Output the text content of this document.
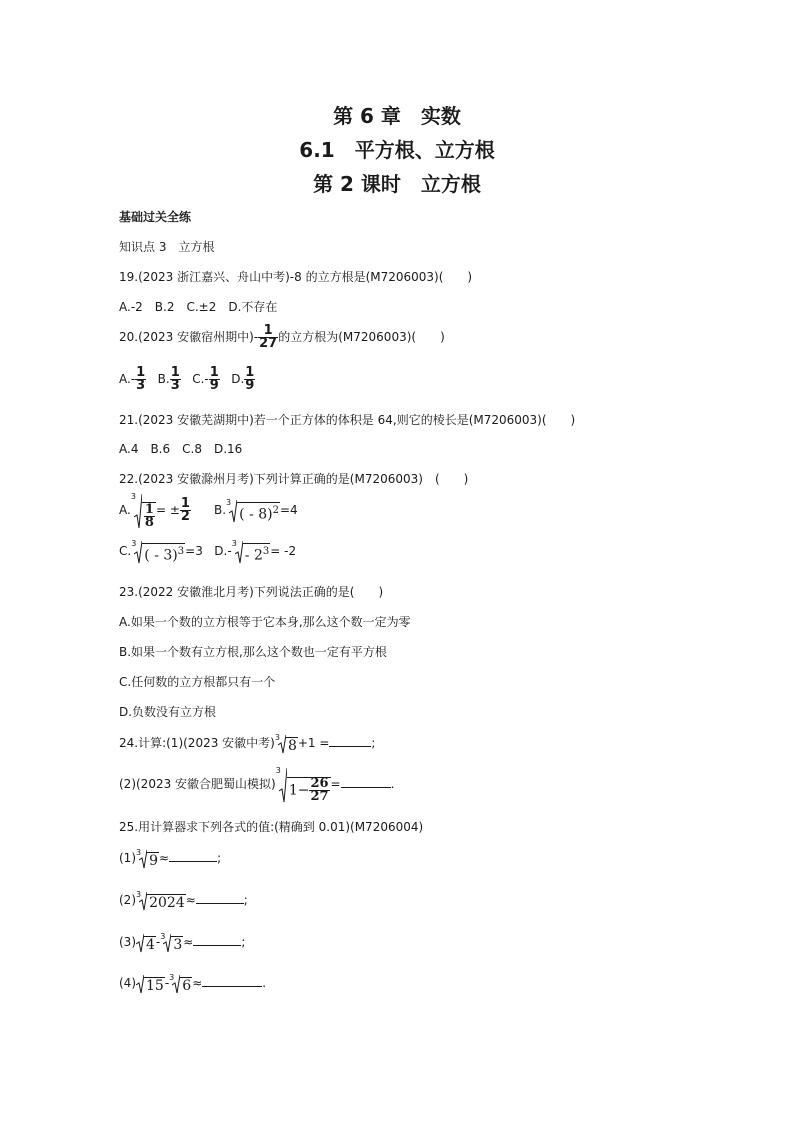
第 6 章　实数
6.1　平方根、立方根
第 2 课时　立方根
基础过关全练
知识点 3　立方根
19.(2023 浙江嘉兴、舟山中考)-8 的立方根是(M7206003)(　　)
A.-2　B.2　C.±2　D.不存在
20.(2023 安徽宿州期中)- $\frac{1}{27}$ 的立方根为(M7206003)(　　)
$A.- \frac{1}{3} B$. $\frac{1}{3} C.- \frac{1}{9} D$. $\frac{1}{9}$
21.(2023 安徽芜湖期中)若一个正方体的体积是 64,则它的棱长是(M7206003)(　　)
A.4　B.6　C.8　D.16
22.(2023 安徽滁州月考)下列计算正确的是(M7206003)　(　　)
A.
3
$\frac{1}{8}$ = ± $\frac{1}{2} B$.
3
( - 8)$^2$ =4
C.
3
( - 3)$^3$ =3 D.-
3
- $2^3 = -2$
23.(2022 安徽淮北月考)下列说法正确的是(　　)
A.如果一个数的立方根等于它本身,那么这个数一定为零
B.如果一个数有立方根,那么这个数也一定有平方根
C.任何数的立方根都只有一个
D.负数没有立方根
24.计算:(1)(2023 安徽中考) 3
8 +1 =	;
(2)(2023 安徽合肥蜀山模拟)
3
$1- \frac{26}{27}$ =	.
25.用计算器求下列各式的值:(精确到 0.01)(M7206004)
(1) 3
9 ≈	;
(2) 3
2024 ≈	;
(3) 4 - 3
3 ≈	;
(4) 15 - 3
6 ≈	.
